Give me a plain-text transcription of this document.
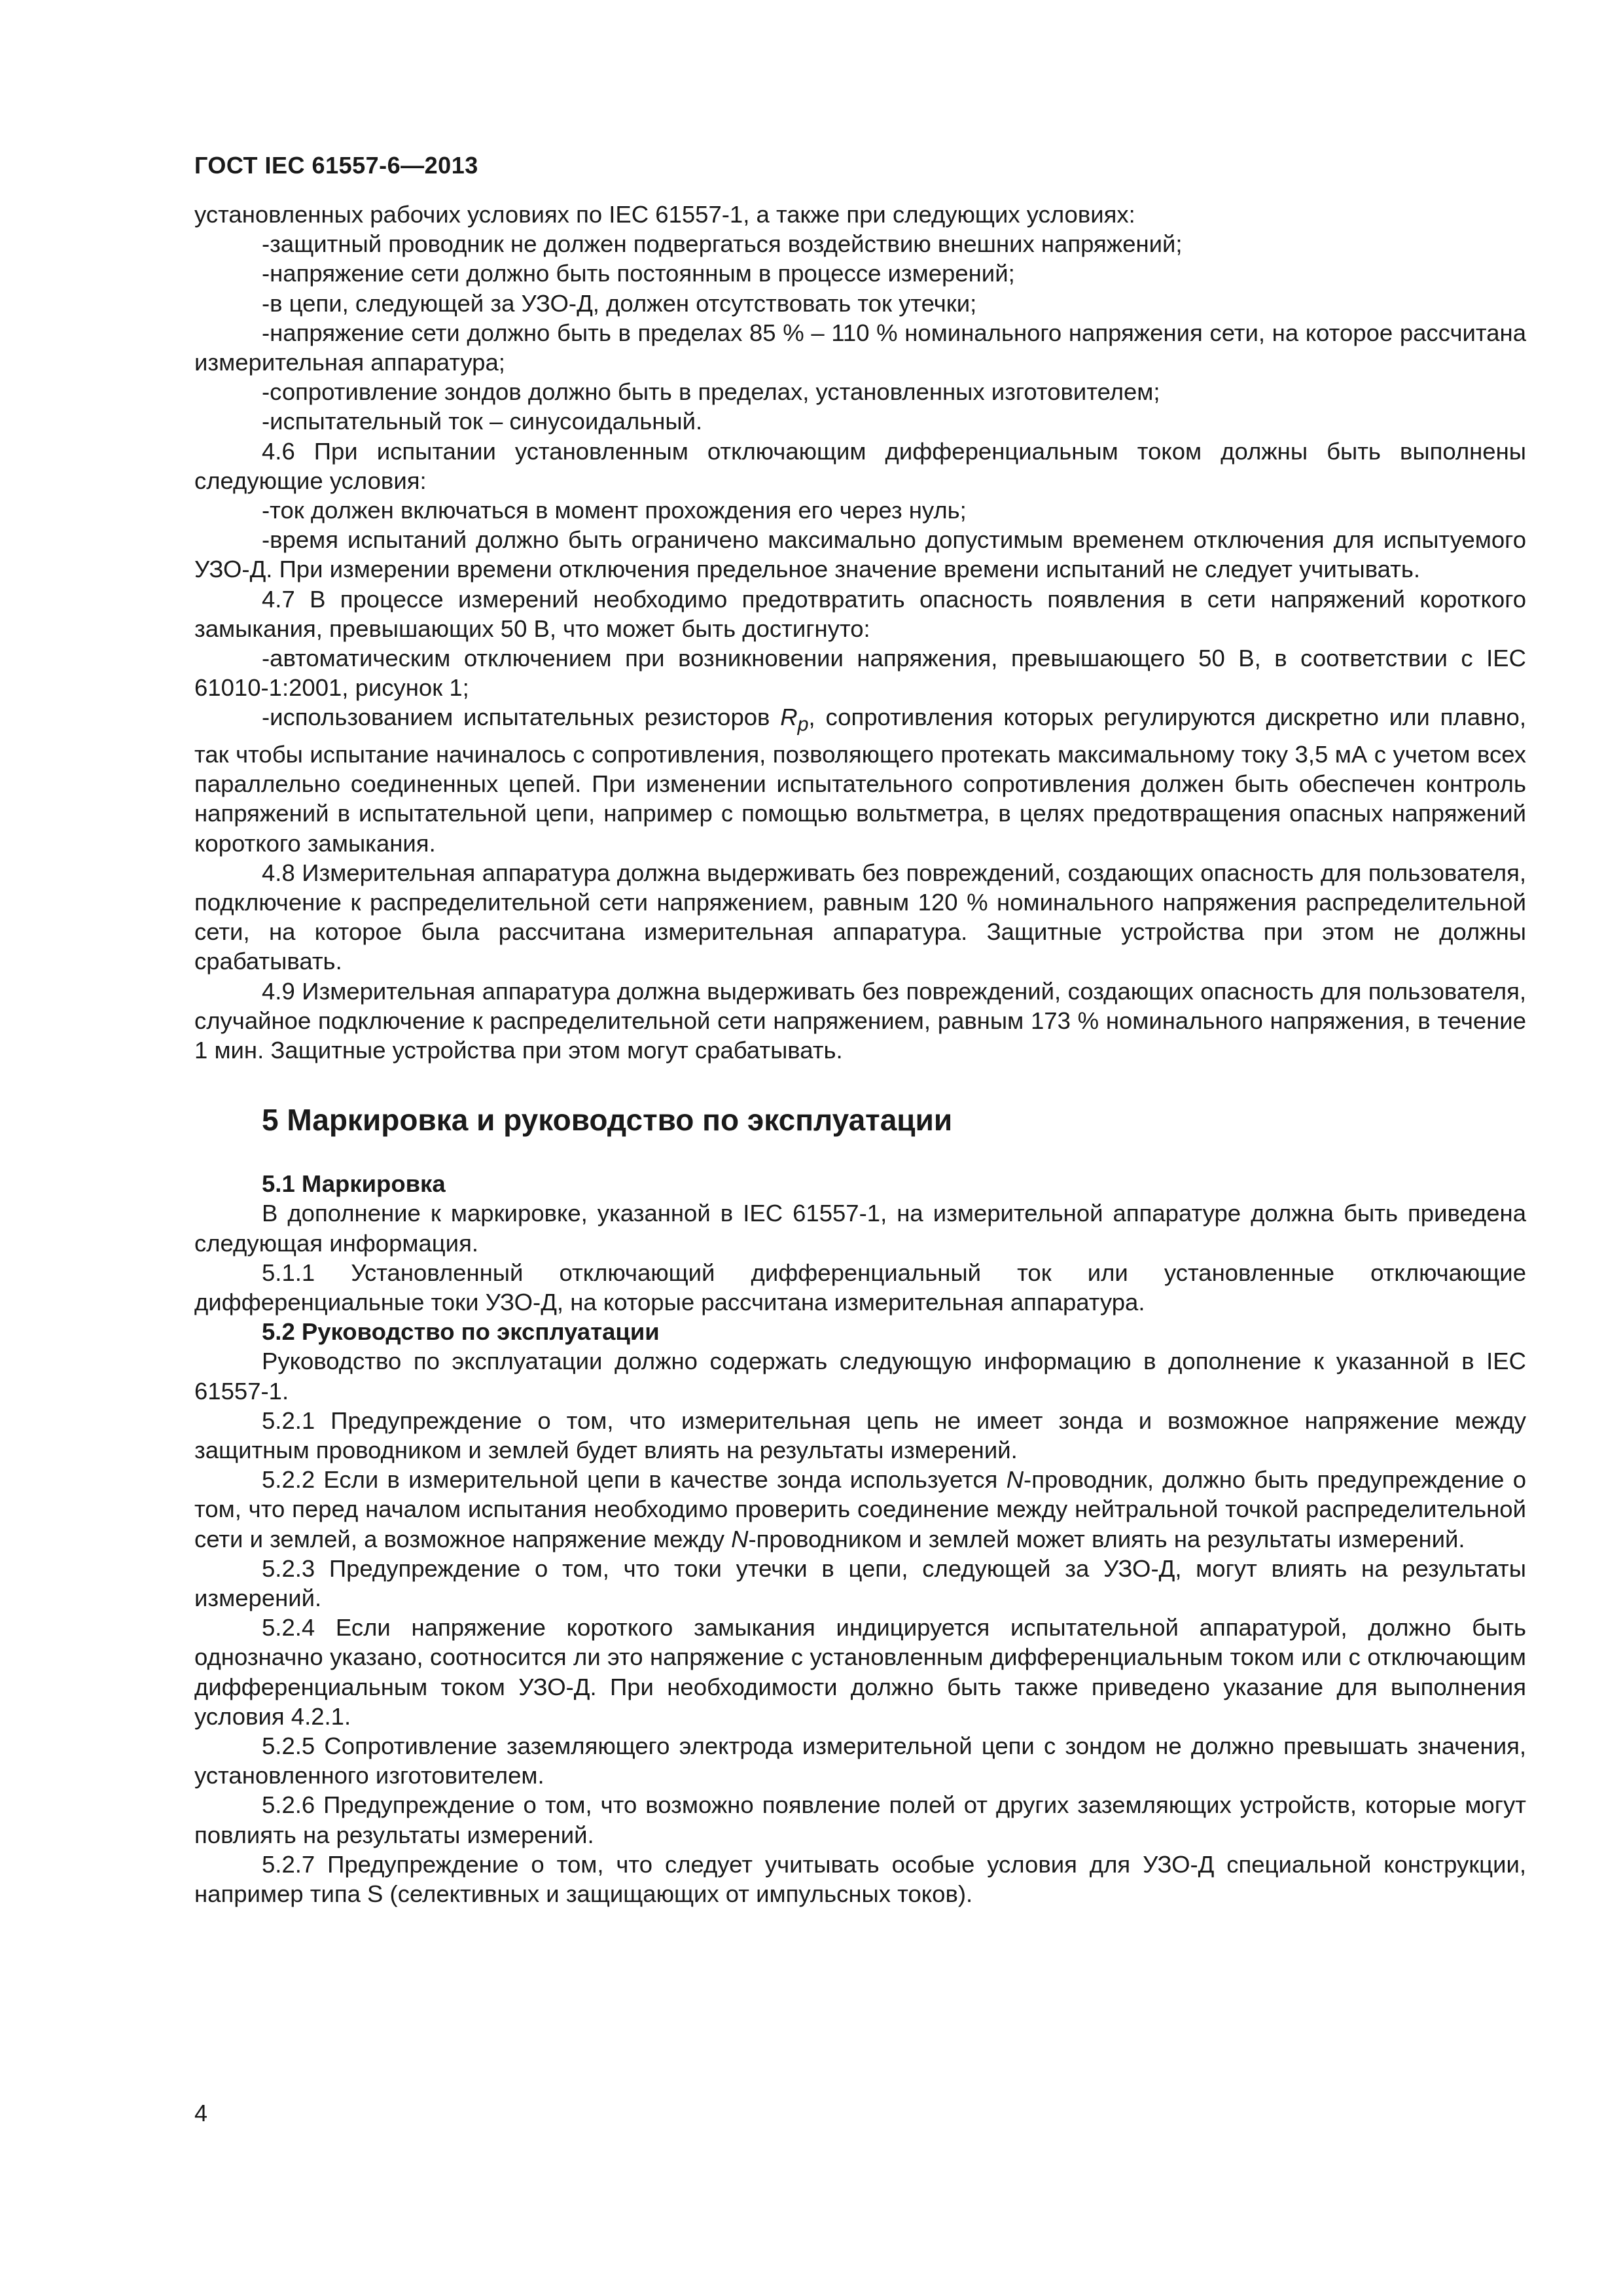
ГОСТ IEC 61557-6—2013

установленных рабочих условиях по IEC 61557-1, а также при следующих условиях:

-защитный проводник не должен подвергаться воздействию внешних напряжений;

-напряжение сети должно быть постоянным в процессе измерений;

-в цепи, следующей за УЗО-Д, должен отсутствовать ток утечки;

-напряжение сети должно быть в пределах 85 % – 110 % номинального напряжения сети, на которое рассчитана измерительная аппаратура;

-сопротивление зондов должно быть в пределах, установленных изготовителем;

-испытательный ток – синусоидальный.

4.6 При испытании установленным отключающим дифференциальным током должны быть выполнены следующие условия:

-ток должен включаться в момент прохождения его через нуль;

-время испытаний должно быть ограничено максимально допустимым временем отключения для испытуемого УЗО-Д. При измерении времени отключения предельное значение времени испытаний не следует учитывать.

4.7 В процессе измерений необходимо предотвратить опасность появления в сети напряжений короткого замыкания, превышающих 50 В, что может быть достигнуто:

-автоматическим отключением при возникновении напряжения, превышающего 50 В, в соответствии с IEC 61010-1:2001, рисунок 1;

-использованием испытательных резисторов $R_p$, сопротивления которых регулируются дискретно или плавно, так чтобы испытание начиналось с сопротивления, позволяющего протекать максимальному току 3,5 мА с учетом всех параллельно соединенных цепей. При изменении испытательного сопротивления должен быть обеспечен контроль напряжений в испытательной цепи, например с помощью вольтметра, в целях предотвращения опасных напряжений короткого замыкания.

4.8 Измерительная аппаратура должна выдерживать без повреждений, создающих опасность для пользователя, подключение к распределительной сети напряжением, равным 120 % номинального напряжения распределительной сети, на которое была рассчитана измерительная аппаратура. Защитные устройства при этом не должны срабатывать.

4.9 Измерительная аппаратура должна выдерживать без повреждений, создающих опасность для пользователя, случайное подключение к распределительной сети напряжением, равным 173 % номинального напряжения, в течение 1 мин. Защитные устройства при этом могут срабатывать.

5 Маркировка и руководство по эксплуатации

5.1 Маркировка

В дополнение к маркировке, указанной в IEC 61557-1, на измерительной аппаратуре должна быть приведена следующая информация.

5.1.1 Установленный отключающий дифференциальный ток или установленные отключающие дифференциальные токи УЗО-Д, на которые рассчитана измерительная аппаратура.

5.2 Руководство по эксплуатации

Руководство по эксплуатации должно содержать следующую информацию в дополнение к указанной в IEC 61557-1.

5.2.1 Предупреждение о том, что измерительная цепь не имеет зонда и возможное напряжение между защитным проводником и землей будет влиять на результаты измерений.

5.2.2 Если в измерительной цепи в качестве зонда используется N-проводник, должно быть предупреждение о том, что перед началом испытания необходимо проверить соединение между нейтральной точкой распределительной сети и землей, а возможное напряжение между N-проводником и землей может влиять на результаты измерений.

5.2.3 Предупреждение о том, что токи утечки в цепи, следующей за УЗО-Д, могут влиять на результаты измерений.

5.2.4 Если напряжение короткого замыкания индицируется испытательной аппаратурой, должно быть однозначно указано, соотносится ли это напряжение с установленным дифференциальным током или с отключающим дифференциальным током УЗО-Д. При необходимости должно быть также приведено указание для выполнения условия 4.2.1.

5.2.5 Сопротивление заземляющего электрода измерительной цепи с зондом не должно превышать значения, установленного изготовителем.

5.2.6 Предупреждение о том, что возможно появление полей от других заземляющих устройств, которые могут повлиять на результаты измерений.

5.2.7 Предупреждение о том, что следует учитывать особые условия для УЗО-Д специальной конструкции, например типа S (селективных и защищающих от импульсных токов).

4
